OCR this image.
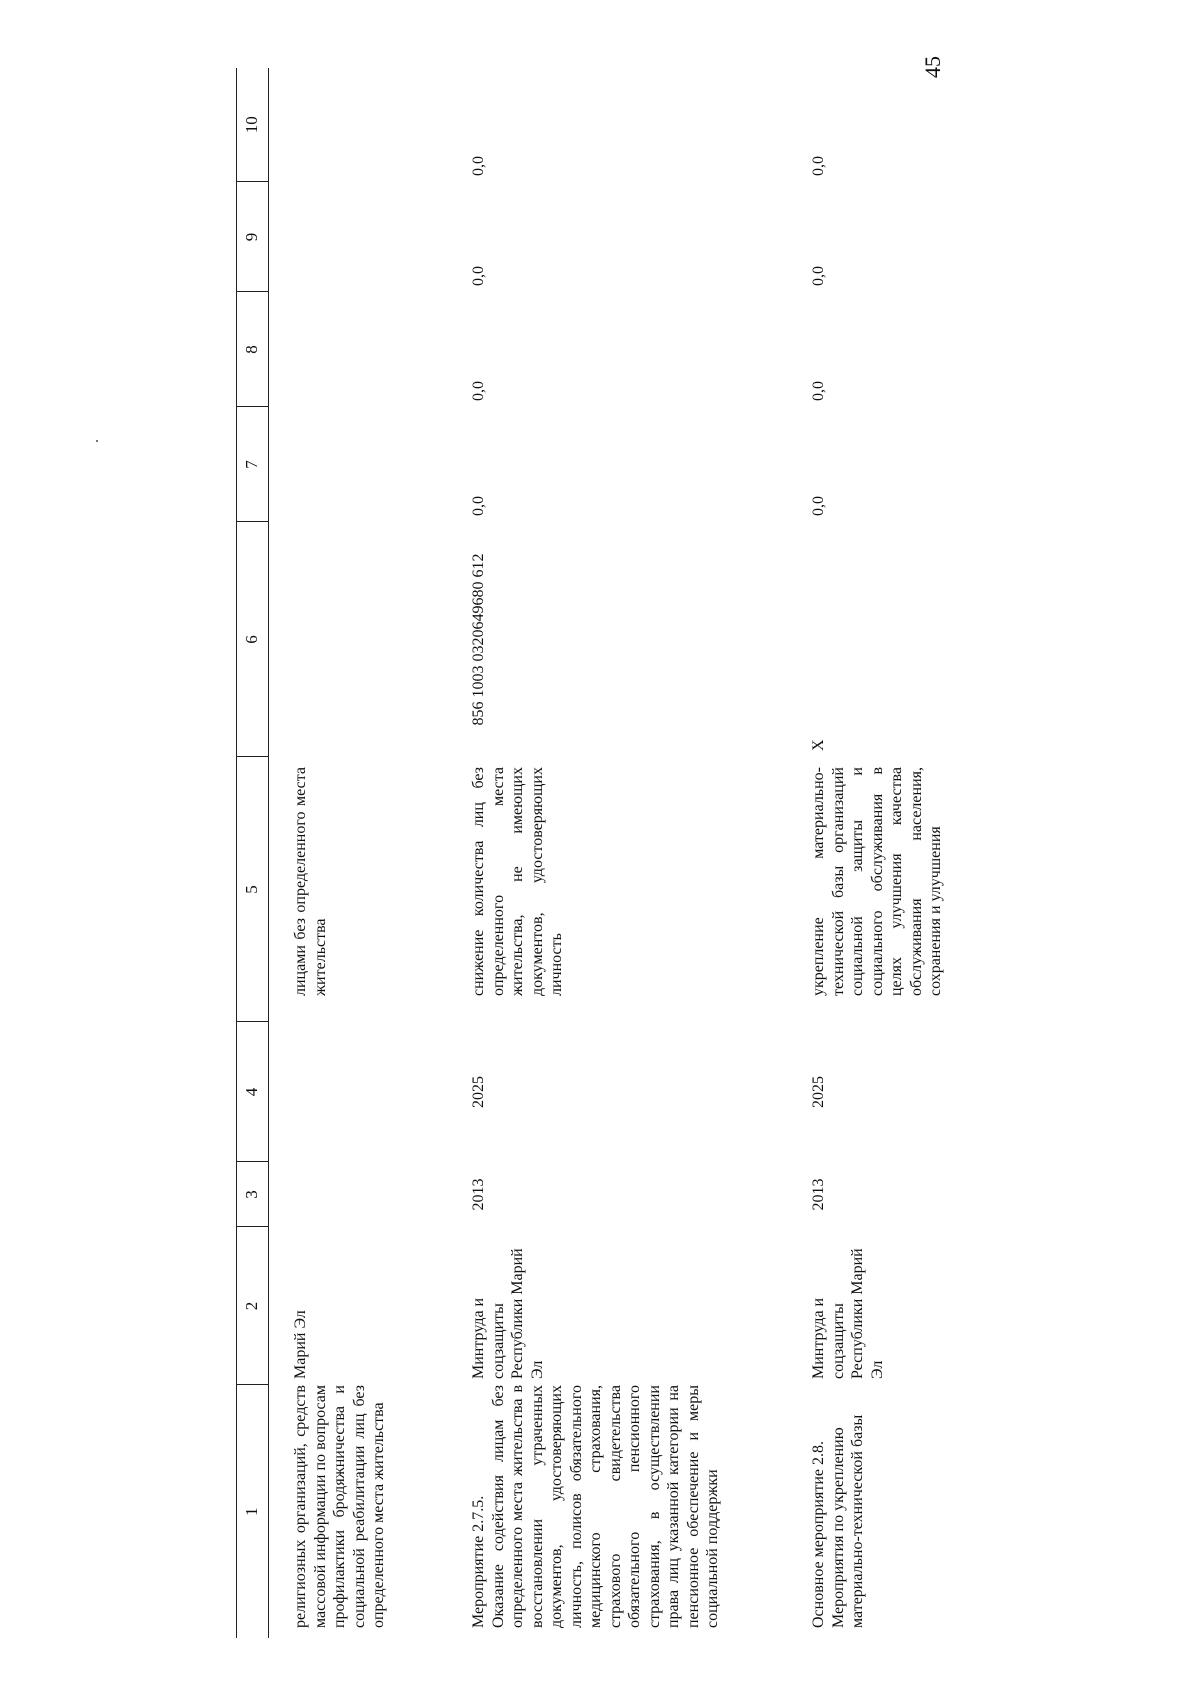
45
1	2	3	4	5	6	7	8	9	10

религиозных организаций, средств массовой информации по вопросам профилактики бродяжничества и социальной реабилитации лиц без определенного места жительства	Марий Эл			лицами без определенного места жительства					

Мероприятие 2.7.5. Оказание содействия лицам без определенного места жительства в восстановлении утраченных документов, удостоверяющих личность, полисов обязательного медицинского страхования, страхового свидетельства обязательного пенсионного страхования, в осуществлении права лиц указанной категории на пенсионное обеспечение и меры социальной поддержки	Минтруда и соцзащиты Республики Марий Эл	2013	2025	снижение количества лиц без определенного места жительства, не имеющих документов, удостоверяющих личность	856 1003 0320649680 612	0,0	0,0	0,0	0,0

Основное мероприятие 2.8. Мероприятия по укреплению материально-технической базы	Минтруда и соцзащиты Республики Марий Эл	2013	2025	укрепление материально-технической базы организаций социальной защиты и социального обслуживания в целях улучшения качества обслуживания населения, сохранения и улучшения	Х	0,0	0,0	0,0	0,0
